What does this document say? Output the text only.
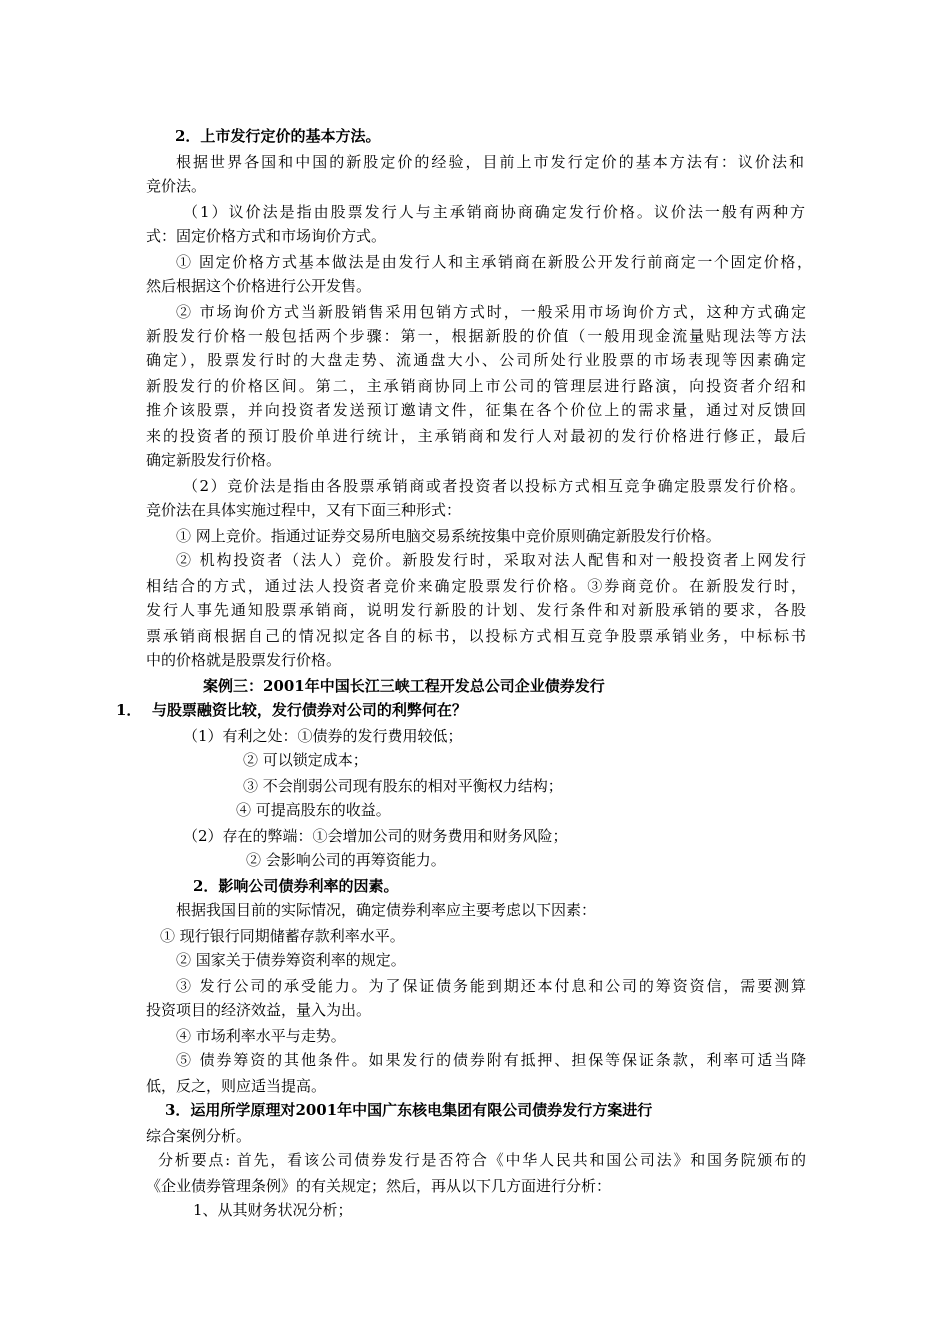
2．上市发行定价的基本方法。
根据世界各国和中国的新股定价的经验，目前上市发行定价的基本方法有：议价法和
竞价法。
（1）议价法是指由股票发行人与主承销商协商确定发行价格。议价法一般有两种方
式：固定价格方式和市场询价方式。
① 固定价格方式基本做法是由发行人和主承销商在新股公开发行前商定一个固定价格，
然后根据这个价格进行公开发售。
② 市场询价方式当新股销售采用包销方式时，一般采用市场询价方式，这种方式确定
新股发行价格一般包括两个步骤：第一，根据新股的价值（一般用现金流量贴现法等方法
确定），股票发行时的大盘走势、流通盘大小、公司所处行业股票的市场表现等因素确定
新股发行的价格区间。第二，主承销商协同上市公司的管理层进行路演，向投资者介绍和
推介该股票，并向投资者发送预订邀请文件，征集在各个价位上的需求量，通过对反馈回
来的投资者的预订股价单进行统计，主承销商和发行人对最初的发行价格进行修正，最后
确定新股发行价格。
（2）竞价法是指由各股票承销商或者投资者以投标方式相互竞争确定股票发行价格。
竞价法在具体实施过程中，又有下面三种形式：
① 网上竞价。指通过证券交易所电脑交易系统按集中竞价原则确定新股发行价格。
② 机构投资者（法人）竞价。新股发行时，采取对法人配售和对一般投资者上网发行
相结合的方式，通过法人投资者竞价来确定股票发行价格。③券商竞价。在新股发行时，
发行人事先通知股票承销商，说明发行新股的计划、发行条件和对新股承销的要求，各股
票承销商根据自己的情况拟定各自的标书，以投标方式相互竞争股票承销业务，中标标书
中的价格就是股票发行价格。
案例三：2001年中国长江三峡工程开发总公司企业债券发行
1．  与股票融资比较，发行债券对公司的利弊何在？
（1）有利之处：①债券的发行费用较低；
② 可以锁定成本；
③ 不会削弱公司现有股东的相对平衡权力结构；
④ 可提高股东的收益。
（2）存在的弊端：①会增加公司的财务费用和财务风险；
② 会影响公司的再筹资能力。
2．影响公司债券利率的因素。
根据我国目前的实际情况，确定债券利率应主要考虑以下因素：
① 现行银行同期储蓄存款利率水平。
② 国家关于债券筹资利率的规定。
③ 发行公司的承受能力。为了保证债务能到期还本付息和公司的筹资资信，需要测算
投资项目的经济效益，量入为出。
④ 市场利率水平与走势。
⑤ 债券筹资的其他条件。如果发行的债券附有抵押、担保等保证条款，利率可适当降
低，反之，则应适当提高。
3．运用所学原理对2001年中国广东核电集团有限公司债券发行方案进行
综合案例分析。
分析要点: 首先，看该公司债券发行是否符合《中华人民共和国公司法》和国务院颁布的
《企业债券管理条例》的有关规定；然后，再从以下几方面进行分析：
1、从其财务状况分析；
